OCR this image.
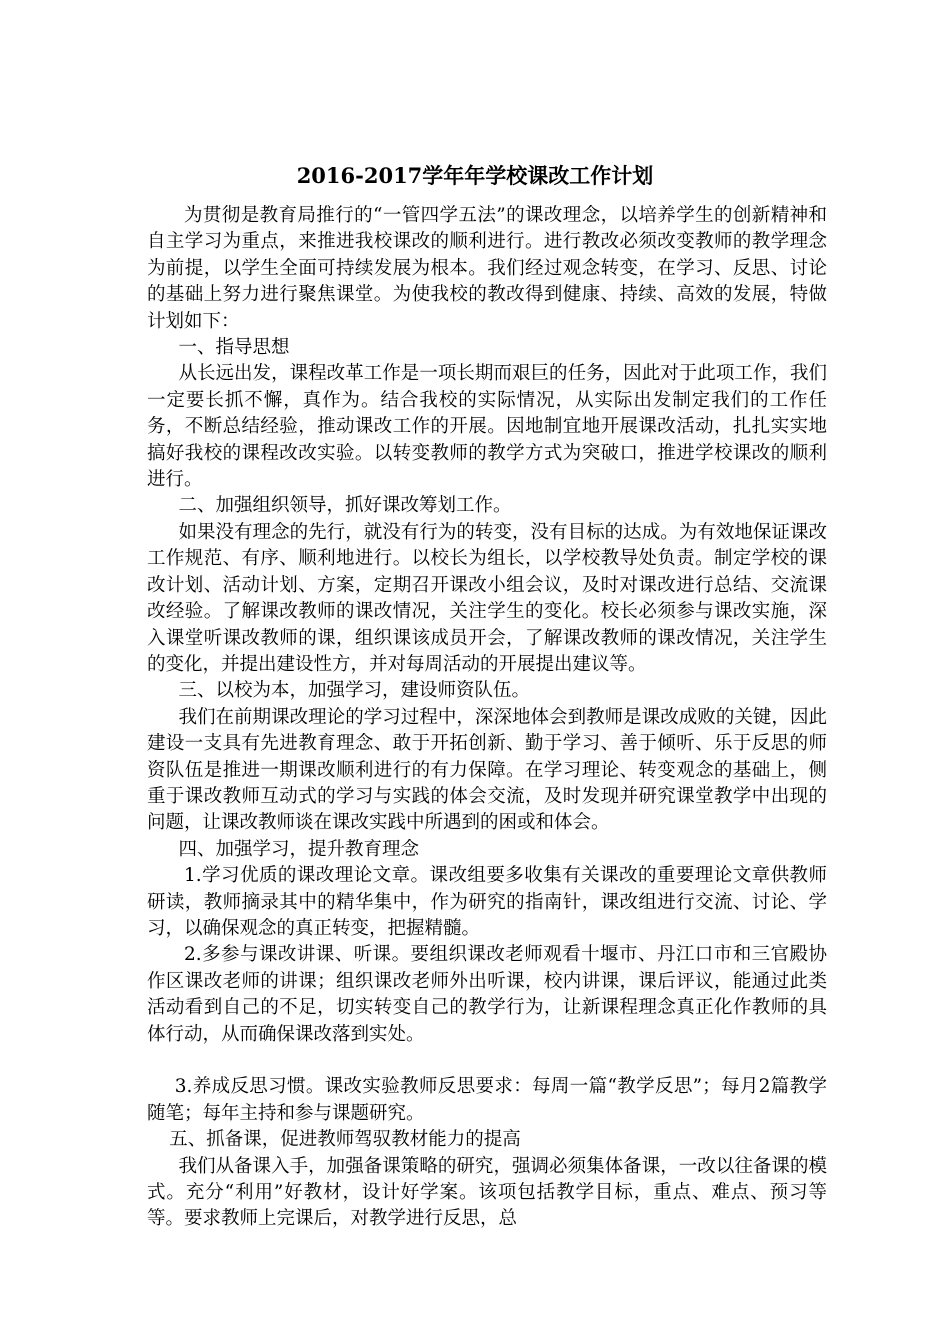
2016-2017学年年学校课改工作计划

为贯彻是教育局推行的“一管四学五法”的课改理念，以培养学生的创新精神和自主学习为重点，来推进我校课改的顺利进行。进行教改必须改变教师的教学理念为前提，以学生全面可持续发展为根本。我们经过观念转变，在学习、反思、讨论的基础上努力进行聚焦课堂。为使我校的教改得到健康、持续、高效的发展，特做计划如下：

一、指导思想

从长远出发，课程改革工作是一项长期而艰巨的任务，因此对于此项工作，我们一定要长抓不懈，真作为。结合我校的实际情况，从实际出发制定我们的工作任务，不断总结经验，推动课改工作的开展。因地制宜地开展课改活动，扎扎实实地搞好我校的课程改改实验。以转变教师的教学方式为突破口，推进学校课改的顺利进行。

二、加强组织领导，抓好课改筹划工作。

如果没有理念的先行，就没有行为的转变，没有目标的达成。为有效地保证课改工作规范、有序、顺利地进行。以校长为组长，以学校教导处负责。制定学校的课改计划、活动计划、方案，定期召开课改小组会议，及时对课改进行总结、交流课改经验。了解课改教师的课改情况，关注学生的变化。校长必须参与课改实施，深入课堂听课改教师的课，组织课该成员开会，了解课改教师的课改情况，关注学生的变化，并提出建设性方，并对每周活动的开展提出建议等。

三、以校为本，加强学习，建设师资队伍。

我们在前期课改理论的学习过程中，深深地体会到教师是课改成败的关键，因此建设一支具有先进教育理念、敢于开拓创新、勤于学习、善于倾听、乐于反思的师资队伍是推进一期课改顺利进行的有力保障。在学习理论、转变观念的基础上，侧重于课改教师互动式的学习与实践的体会交流，及时发现并研究课堂教学中出现的问题，让课改教师谈在课改实践中所遇到的困或和体会。

四、加强学习，提升教育理念

1.学习优质的课改理论文章。课改组要多收集有关课改的重要理论文章供教师研读，教师摘录其中的精华集中，作为研究的指南针，课改组进行交流、讨论、学习，以确保观念的真正转变，把握精髓。

2.多参与课改讲课、听课。要组织课改老师观看十堰市、丹江口市和三官殿协作区课改老师的讲课；组织课改老师外出听课，校内讲课，课后评议，能通过此类活动看到自己的不足，切实转变自己的教学行为，让新课程理念真正化作教师的具体行动，从而确保课改落到实处。

3.养成反思习惯。课改实验教师反思要求：每周一篇“教学反思”；每月2篇教学随笔；每年主持和参与课题研究。

五、抓备课，促进教师驾驭教材能力的提高

我们从备课入手，加强备课策略的研究，强调必须集体备课，一改以往备课的模式。充分“利用”好教材，设计好学案。该项包括教学目标，重点、难点、预习等等。要求教师上完课后，对教学进行反思，总
